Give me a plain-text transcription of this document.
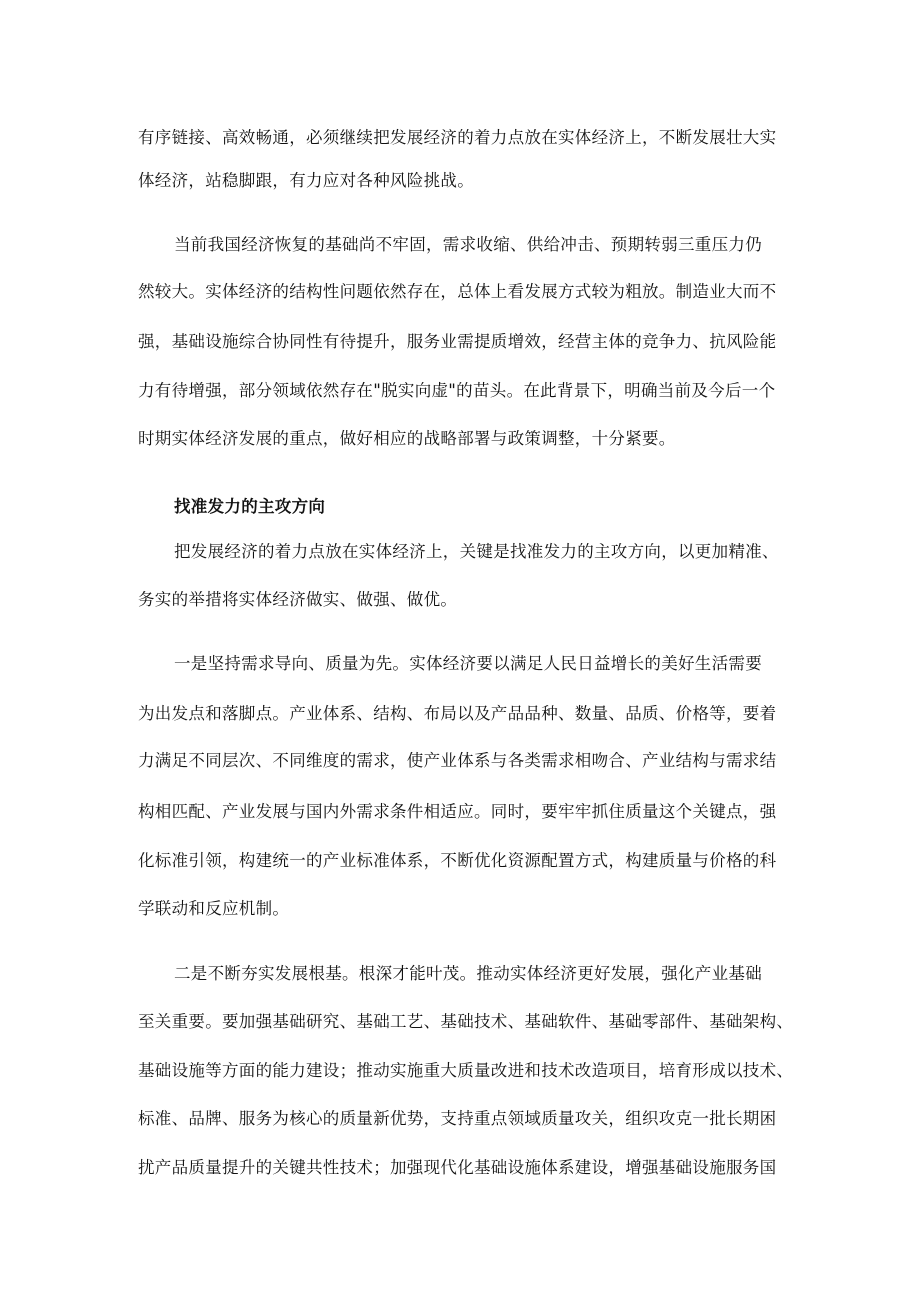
有序链接、高效畅通，必须继续把发展经济的着力点放在实体经济上，不断发展壮大实
体经济，站稳脚跟，有力应对各种风险挑战。
当前我国经济恢复的基础尚不牢固，需求收缩、供给冲击、预期转弱三重压力仍
然较大。实体经济的结构性问题依然存在，总体上看发展方式较为粗放。制造业大而不
强，基础设施综合协同性有待提升，服务业需提质增效，经营主体的竞争力、抗风险能
力有待增强，部分领域依然存在"脱实向虚"的苗头。在此背景下，明确当前及今后一个
时期实体经济发展的重点，做好相应的战略部署与政策调整，十分紧要。
找准发力的主攻方向
把发展经济的着力点放在实体经济上，关键是找准发力的主攻方向，以更加精准、
务实的举措将实体经济做实、做强、做优。
一是坚持需求导向、质量为先。实体经济要以满足人民日益增长的美好生活需要
为出发点和落脚点。产业体系、结构、布局以及产品品种、数量、品质、价格等，要着
力满足不同层次、不同维度的需求，使产业体系与各类需求相吻合、产业结构与需求结
构相匹配、产业发展与国内外需求条件相适应。同时，要牢牢抓住质量这个关键点，强
化标准引领，构建统一的产业标准体系，不断优化资源配置方式，构建质量与价格的科
学联动和反应机制。
二是不断夯实发展根基。根深才能叶茂。推动实体经济更好发展，强化产业基础
至关重要。要加强基础研究、基础工艺、基础技术、基础软件、基础零部件、基础架构、
基础设施等方面的能力建设；推动实施重大质量改进和技术改造项目，培育形成以技术、
标准、品牌、服务为核心的质量新优势，支持重点领域质量攻关，组织攻克一批长期困
扰产品质量提升的关键共性技术；加强现代化基础设施体系建设，增强基础设施服务国
